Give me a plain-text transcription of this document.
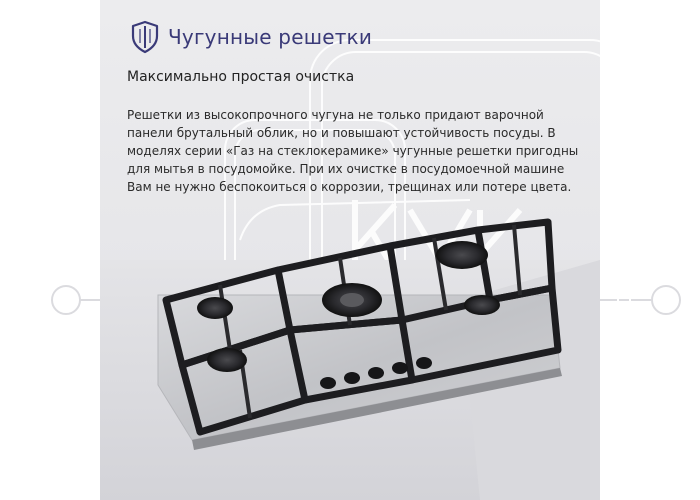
Чугунные решетки
Максимально простая очистка
Решетки из высокопрочного чугуна не только придают варочной
панели брутальный облик, но и повышают устойчивость посуды. В
моделях серии «Газ на стеклокерамике» чугунные решетки пригодны
для мытья в посудомойке. При их очистке в посудомоечной машине
Вам не нужно беспокоиться о коррозии, трещинах или потере цвета.
